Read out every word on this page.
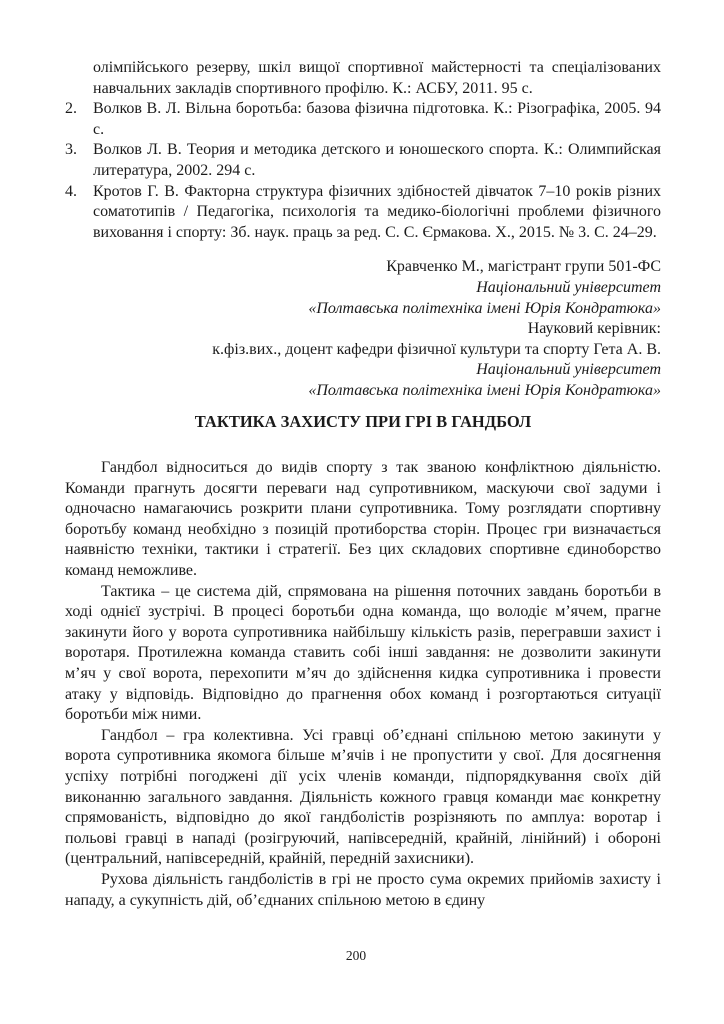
олімпійського резерву, шкіл вищої спортивної майстерності та спеціалізованих навчальних закладів спортивного профілю. К.: АСБУ, 2011. 95 с.
2.	Волков В. Л. Вільна боротьба: базова фізична підготовка. К.: Різографіка, 2005. 94 с.
3.	Волков Л. В. Теория и методика детского и юношеского спорта. К.: Олимпийская литература, 2002. 294 с.
4.	Кротов Г. В. Факторна структура фізичних здібностей дівчаток 7–10 років різних соматотипів / Педагогіка, психологія та медико-біологічні проблеми фізичного виховання і спорту: Зб. наук. праць за ред. С. С. Єрмакова. Х., 2015. № 3. С. 24–29.
Кравченко М., магістрант групи 501-ФС
Національний університет
«Полтавська політехніка імені Юрія Кондратюка»
Науковий керівник:
к.фіз.вих., доцент кафедри фізичної культури та спорту Гета А. В.
Національний університет
«Полтавська політехніка імені Юрія Кондратюка»
ТАКТИКА ЗАХИСТУ ПРИ ГРІ В ГАНДБОЛ

Гандбол відноситься до видів спорту з так званою конфліктною діяльністю. Команди прагнуть досягти переваги над супротивником, маскуючи свої задуми і одночасно намагаючись розкрити плани супротивника. Тому розглядати спортивну боротьбу команд необхідно з позицій протиборства сторін. Процес гри визначається наявністю техніки, тактики і стратегії. Без цих складових спортивне єдиноборство команд неможливе.

Тактика – це система дій, спрямована на рішення поточних завдань боротьби в ході однієї зустрічі. В процесі боротьби одна команда, що володіє м’ячем, прагне закинути його у ворота супротивника найбільшу кількість разів, перегравши захист і воротаря. Протилежна команда ставить собі інші завдання: не дозволити закинути м’яч у свої ворота, перехопити м’яч до здійснення кидка супротивника і провести атаку у відповідь. Відповідно до прагнення обох команд і розгортаються ситуації боротьби між ними.

Гандбол – гра колективна. Усі гравці об’єднані спільною метою закинути у ворота супротивника якомога більше м’ячів і не пропустити у свої. Для досягнення успіху потрібні погоджені дії усіх членів команди, підпорядкування своїх дій виконанню загального завдання. Діяльність кожного гравця команди має конкретну спрямованість, відповідно до якої гандболістів розрізняють по амплуа: воротар і польові гравці в нападі (розігруючий, напівсередній, крайній, лінійний) і обороні (центральний, напівсередній, крайній, передній захисники).

Рухова діяльність гандболістів в грі не просто сума окремих прийомів захисту і нападу, а сукупність дій, об’єднаних спільною метою в єдину

200
